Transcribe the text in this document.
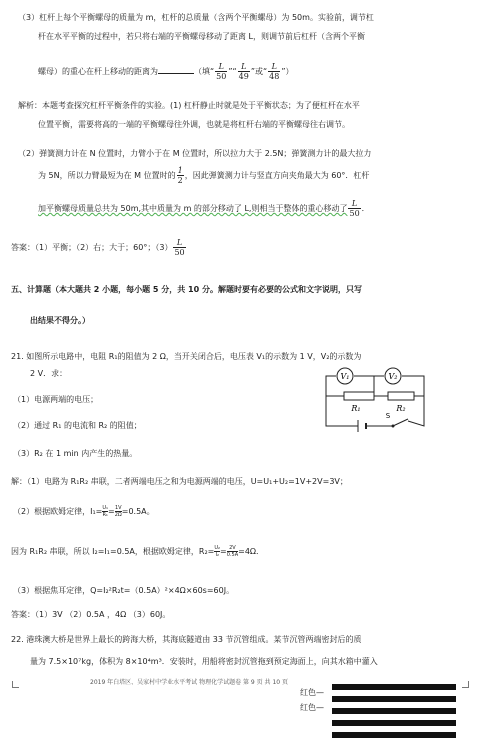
（3）杠杆上每个平衡螺母的质量为 m，杠杆的总质量（含两个平衡螺母）为 50m。实验前，调节杠
杆在水平平衡的过程中，若只将右端的平衡螺母移动了距离 L，则调节前后杠杆（含两个平衡
螺母）的重心在杆上移动的距离为	（填“ $\frac{L}{50}$ ”“ $\frac{L}{49}$ ”或“ $\frac{L}{48}$ ”）
解析：本题考查探究杠杆平衡条件的实验。(1) 杠杆静止时就是处于平衡状态；为了便杠杆在水平
位置平衡，需要将高的一端的平衡螺母往外调，也就是将杠杆右端的平衡螺母往右调节。
（2）弹簧测力计在 N 位置时，力臂小于在 M 位置时，所以拉力大于 2.5N；弹簧测力计的最大拉力
为 5N，所以力臂最短为在 M 位置时的 $\frac{1}{2}$ ，因此弹簧测力计与竖直方向夹角最大为 60°．杠杆
加平衡螺母质量总共为 50m,其中质量为 m 的部分移动了 L,则相当于整体的重心移动了 $\frac{L}{50}$ ．
答案：（1）平衡；（2）右；大于；60°；$(3) \frac{L}{50}$
五、计算题（本大题共 2 小题，每小题 5 分，共 10 分。解题时要有必要的公式和文字说明，只写
出结果不得分。）
21. 如图所示电路中，电阻 R₁的阻值为 2 Ω，当开关闭合后，电压表 V₁的示数为 1 V，V₂的示数为
2 V．求：
（1）电源两端的电压；
（2）通过 R₁ 的电流和 R₂ 的阻值；
（3）R₂ 在 1 min 内产生的热量。
V₁	V₂
R₁	R₂
S
解：（1）电路为 R₁R₂ 串联，二者两端电压之和为电源两端的电压，U=U₁+U₂=1V+2V=3V；
（2）根据欧姆定律，$I_1= \frac{\text{U₁}}{\text{R₁}} = \frac{1V}{2\Omega} =0.5A$。
因为 R₁R₂ 串联，所以 I₂=I₁=0.5A，根据欧姆定律，$R_2= \frac{\text{U₂}}{\text{I₂}} = \frac{2V}{0.5A} =4\Omega$．
（3）根据焦耳定律，Q=I₂²R₂t=（0.5A）²×4Ω×60s=60J。
答案：（1）3V （2）0.5A ，4Ω （3）60J。
22. 港珠澳大桥是世界上最长的跨海大桥，其海底隧道由 33 节沉管组成。某节沉管两端密封后的质
量为 7.5×10⁷kg，体积为 8×10⁴m³．安装时，用船将密封沉管拖到预定海面上，向其水箱中灌入
2019 年白塔区、吴家村中学业水平考试 物理化学试题卷 第 9 页 共 10 页
红色—
红色—
